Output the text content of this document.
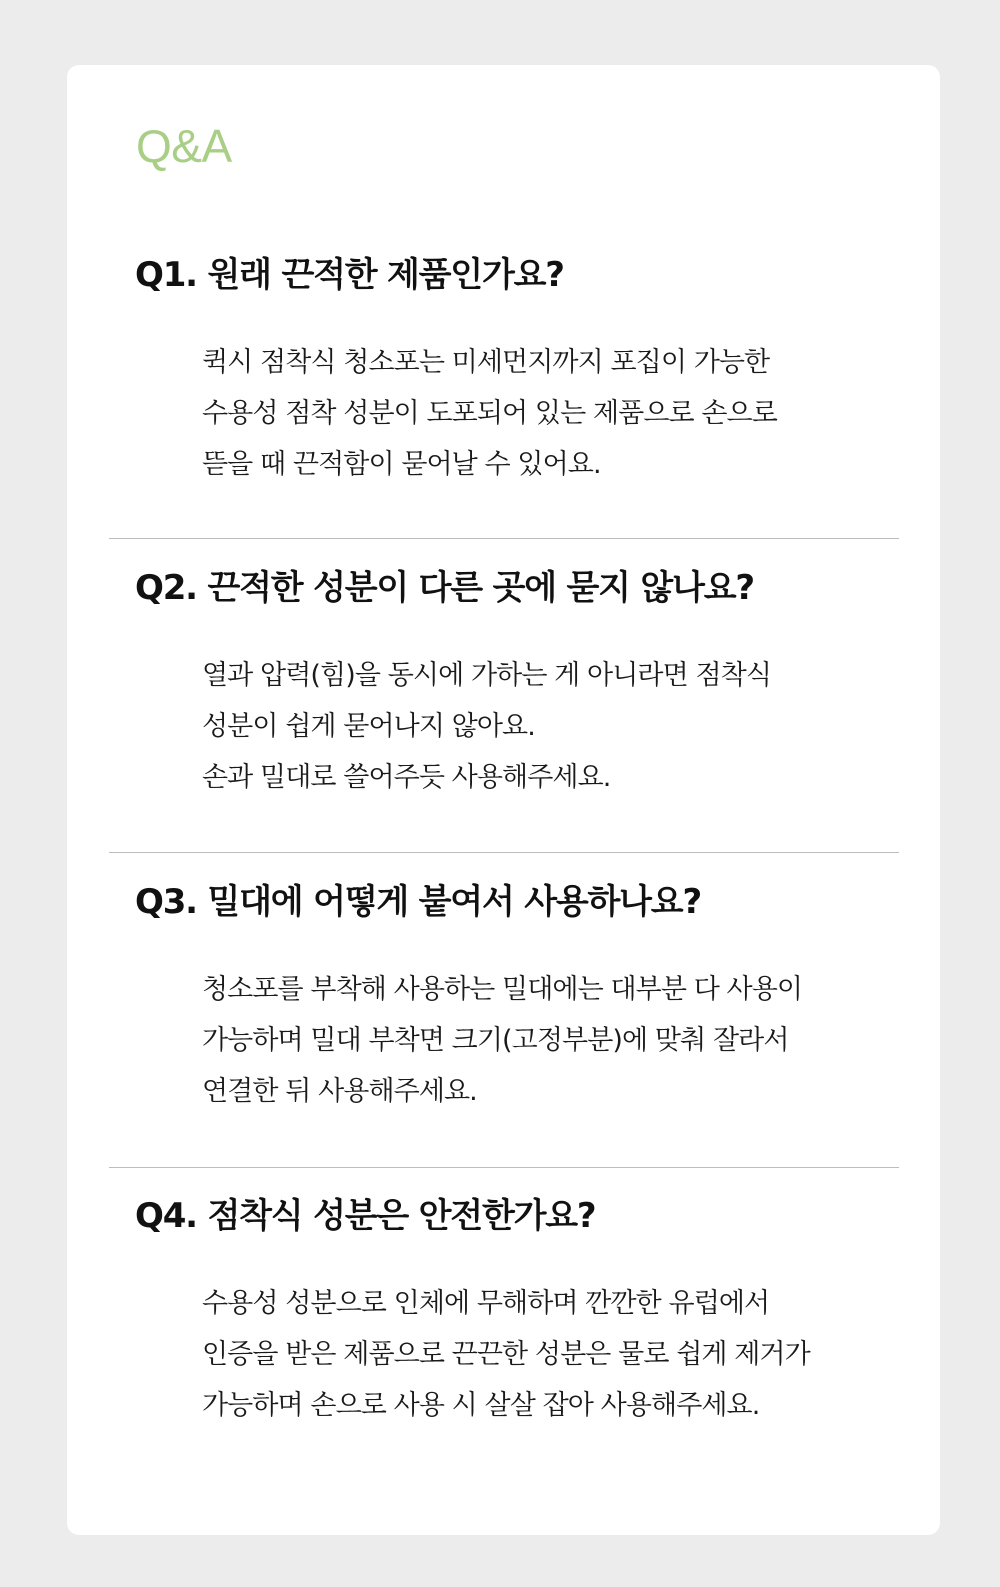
Q&A
Q1. 원래 끈적한 제품인가요?

퀵시 점착식 청소포는 미세먼지까지 포집이 가능한
수용성 점착 성분이 도포되어 있는 제품으로 손으로
뜯을 때 끈적함이 묻어날 수 있어요.

Q2. 끈적한 성분이 다른 곳에 묻지 않나요?

열과 압력(힘)을 동시에 가하는 게 아니라면 점착식
성분이 쉽게 묻어나지 않아요.
손과 밀대로 쓸어주듯 사용해주세요.

Q3. 밀대에 어떻게 붙여서 사용하나요?

청소포를 부착해 사용하는 밀대에는 대부분 다 사용이
가능하며 밀대 부착면 크기(고정부분)에 맞춰 잘라서
연결한 뒤 사용해주세요.

Q4. 점착식 성분은 안전한가요?

수용성 성분으로 인체에 무해하며 깐깐한 유럽에서
인증을 받은 제품으로 끈끈한 성분은 물로 쉽게 제거가
가능하며 손으로 사용 시 살살 잡아 사용해주세요.
